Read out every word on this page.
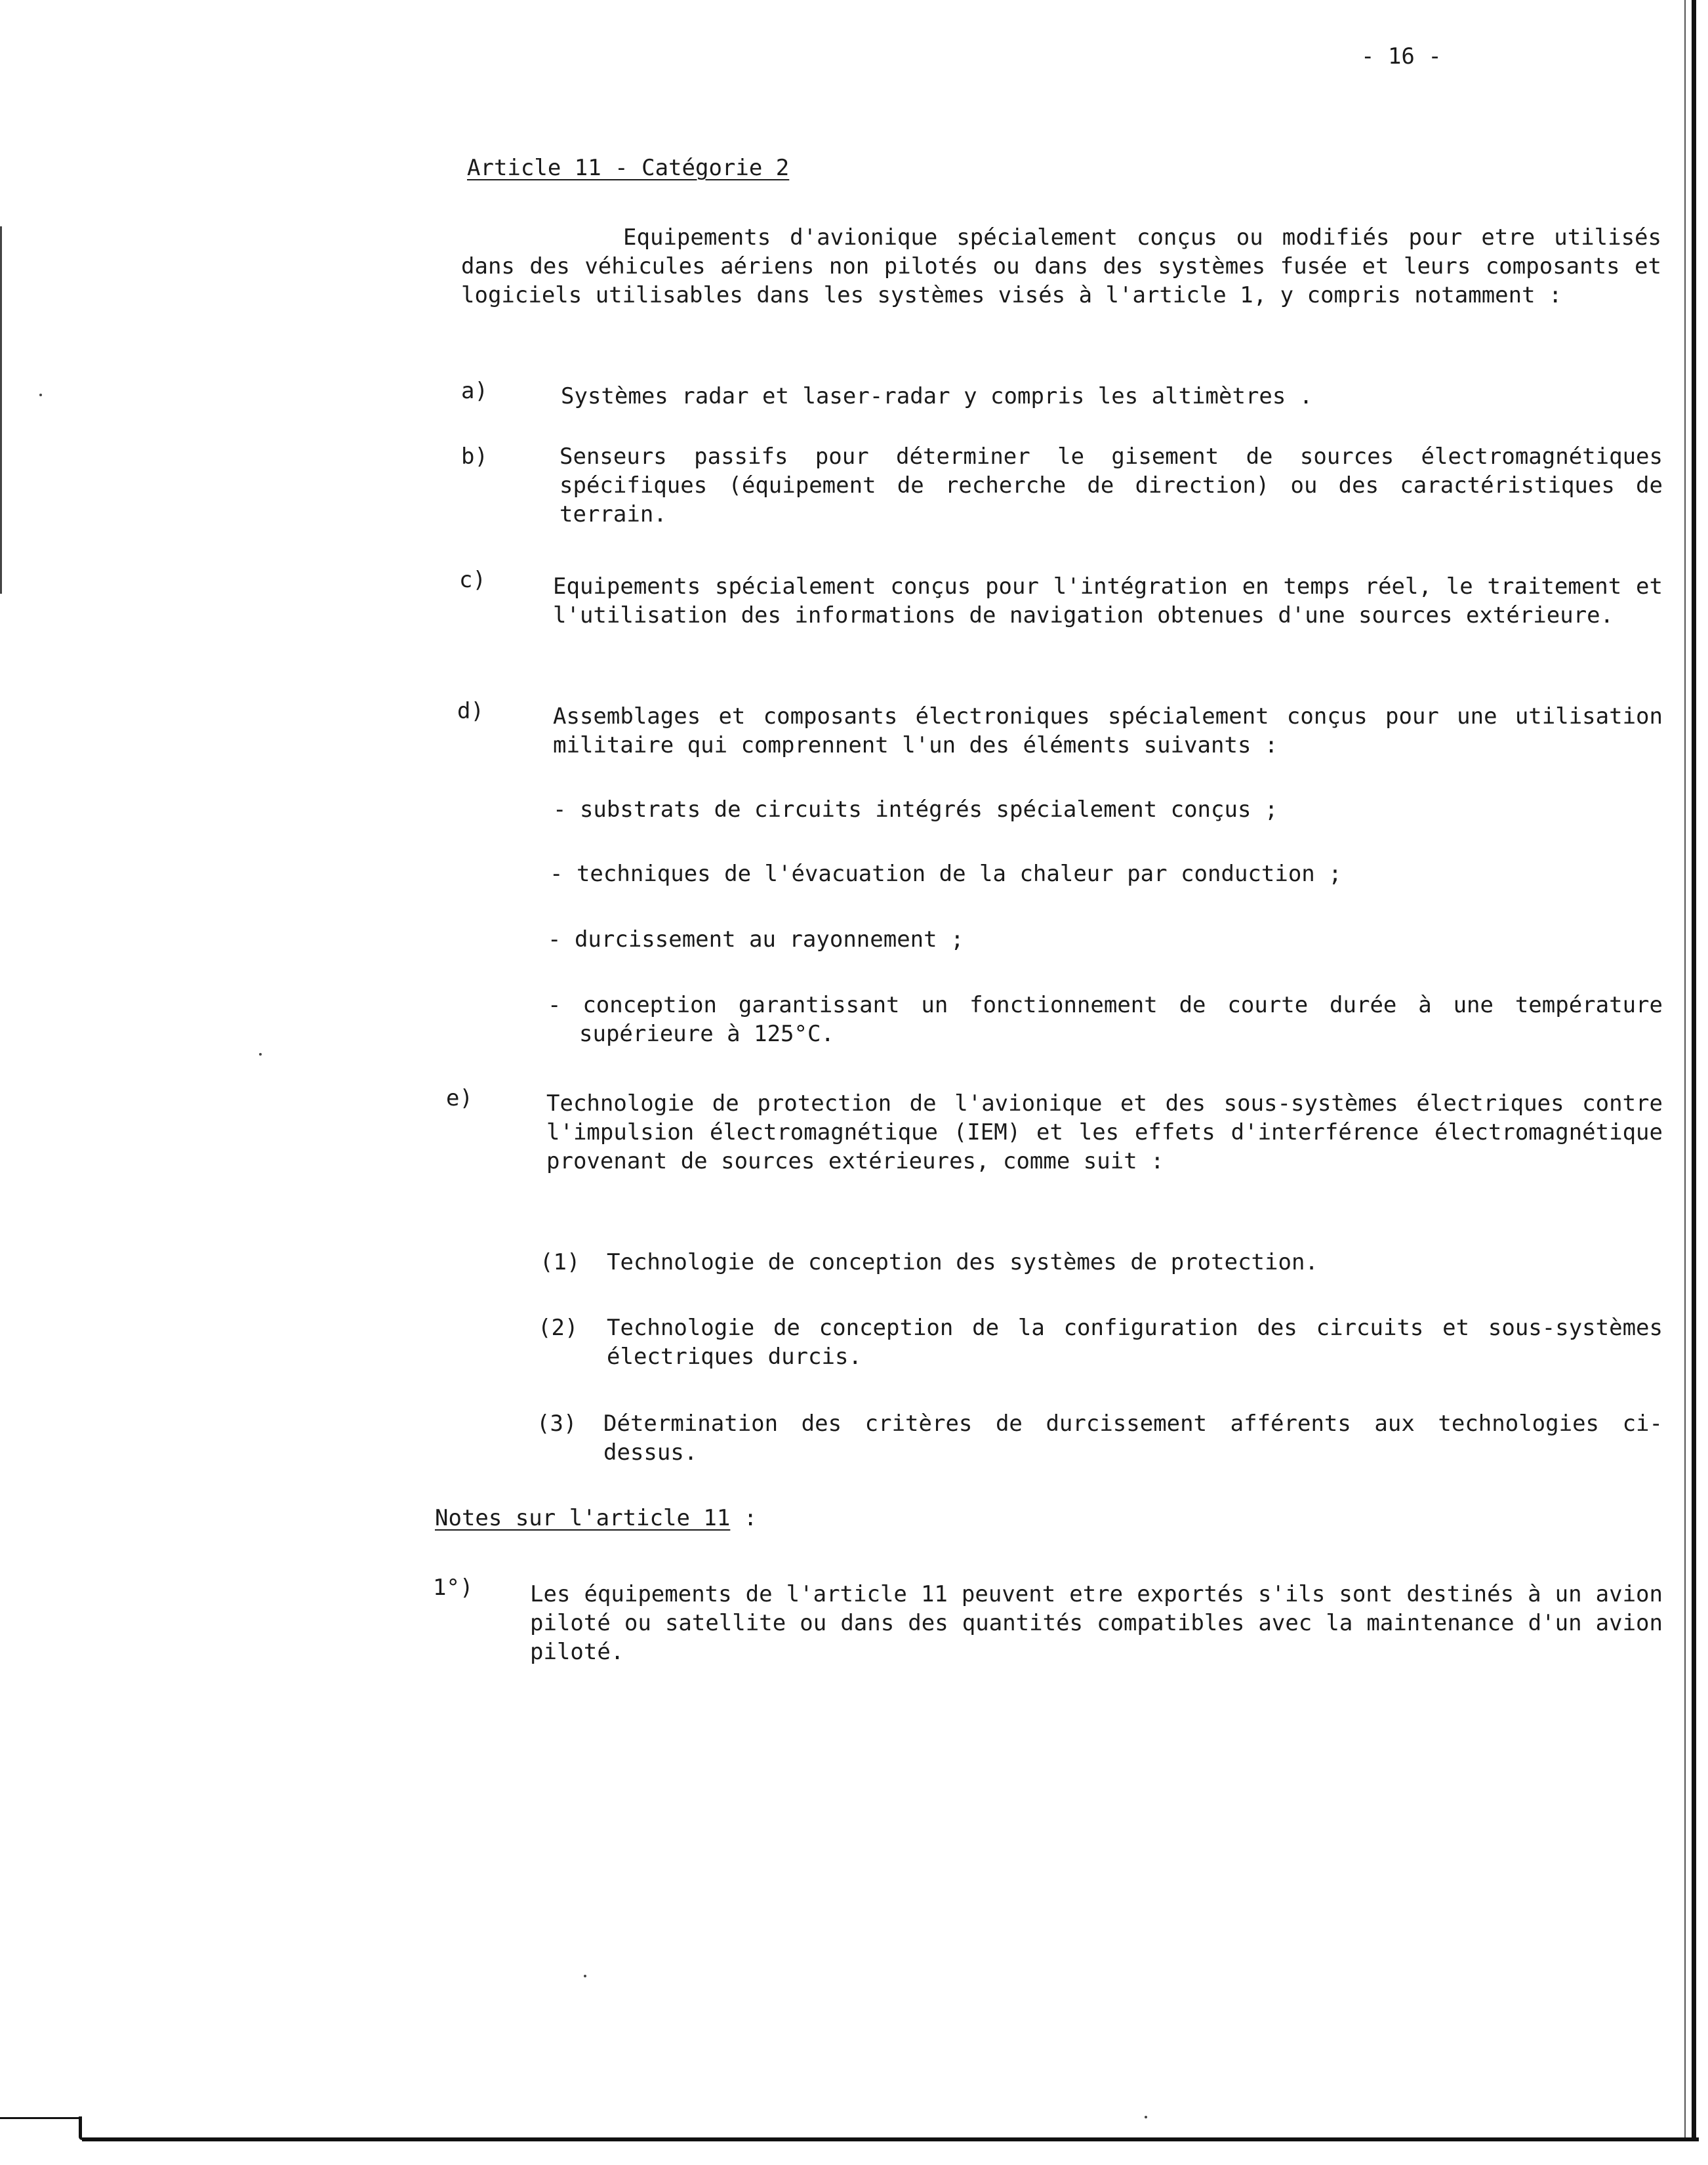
- 16 -
Article 11 - Catégorie 2
Equipements d'avionique spécialement conçus ou modifiés pour etre utilisés dans des véhicules aériens non pilotés ou dans des systèmes fusée et leurs composants et logiciels utilisables dans les systèmes visés à l'article 1, y compris notamment :
a)	Systèmes radar et laser-radar y compris les altimètres .
b)	Senseurs passifs pour déterminer le gisement de sources électromagnétiques spécifiques (équipement de recherche de direction) ou des caractéristiques de terrain.
c)	Equipements spécialement conçus pour l'intégration en temps réel, le traitement et l'utilisation des informations de navigation obtenues d'une sources extérieure.
d)	Assemblages et composants électroniques spécialement conçus pour une utilisation militaire qui comprennent l'un des éléments suivants :
- substrats de circuits intégrés spécialement conçus ;
- techniques de l'évacuation de la chaleur par conduction ;
- durcissement au rayonnement ;
- conception garantissant un fonctionnement de courte durée à une température supérieure à 125°C.
e)	Technologie de protection de l'avionique et des sous-systèmes électriques contre l'impulsion électromagnétique (IEM) et les effets d'interférence électromagnétique provenant de sources extérieures, comme suit :
(1) Technologie de conception des systèmes de protection.
(2) Technologie de conception de la configuration des circuits et sous-systèmes électriques durcis.
(3) Détermination des critères de durcissement afférents aux technologies ci-dessus.
Notes sur l'article 11 :
1°)	Les équipements de l'article 11 peuvent etre exportés s'ils sont destinés à un avion piloté ou satellite ou dans des quantités compatibles avec la maintenance d'un avion piloté.
